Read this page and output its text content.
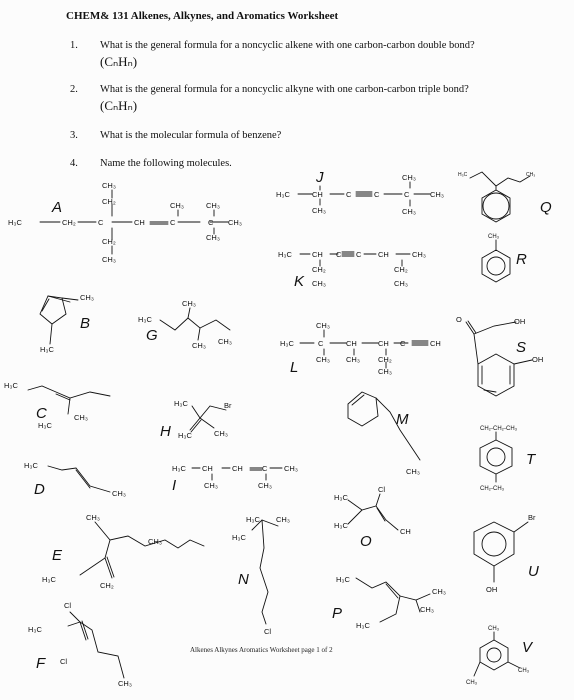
CHEM& 131 Alkenes, Alkynes, and Aromatics Worksheet
1. What is the general formula for a noncyclic alkene with one carbon-carbon double bond?
(CₙHₙ)
2. What is the general formula for a noncyclic alkyne with one carbon-carbon triple bond?
(CₙHₙ)
3. What is the molecular formula of benzene?
4. Name the following molecules.
CH₃
CH₂
H₃C	CH₂	C	CH	C	C CH₃
CH₃	CH₃
CH₃
CH₂
CH₃
CH₃
H₃C
H₃C
CH₃
CH₃ CH₃
H₃C
CH₃
H₃C
H₃C	Br
H₃C	CH₃
H₃C
CH₃
CH₃
CH₃
H₃C
CH₂
Cl
H₃C
Cl
CH₃
H₃C	CH	C	C	C	CH₃
CH₃
CH₃
CH₃
H₃C	CH C C CH	CH₃
CH₂
CH₃
CH₂
CH₃
CH₃
H₃C	C	CH	CH C	CH
CH₃ CH₃ CH₂
CH₃
H₃C CH	CH	C CH₃
CH₃	CH₃
H₃C CH₃
H₃C
Cl
CH₃
H₃C
Cl
H₃C
CH
H₃C
CH₃
CH₃
H₃C
H₃C	CH₃
CH₃
O	OH
OH
CH₂-CH₂-CH₃
CH₂-CH₃
Br
OH
CH₃
CH₃
CH₃
A
B
C
D
E
F
G
H
I
J
K
L
M
N
O
P
Q
R
S
T
U
V
Alkenes Alkynes Aromatics Worksheet page 1 of 2
